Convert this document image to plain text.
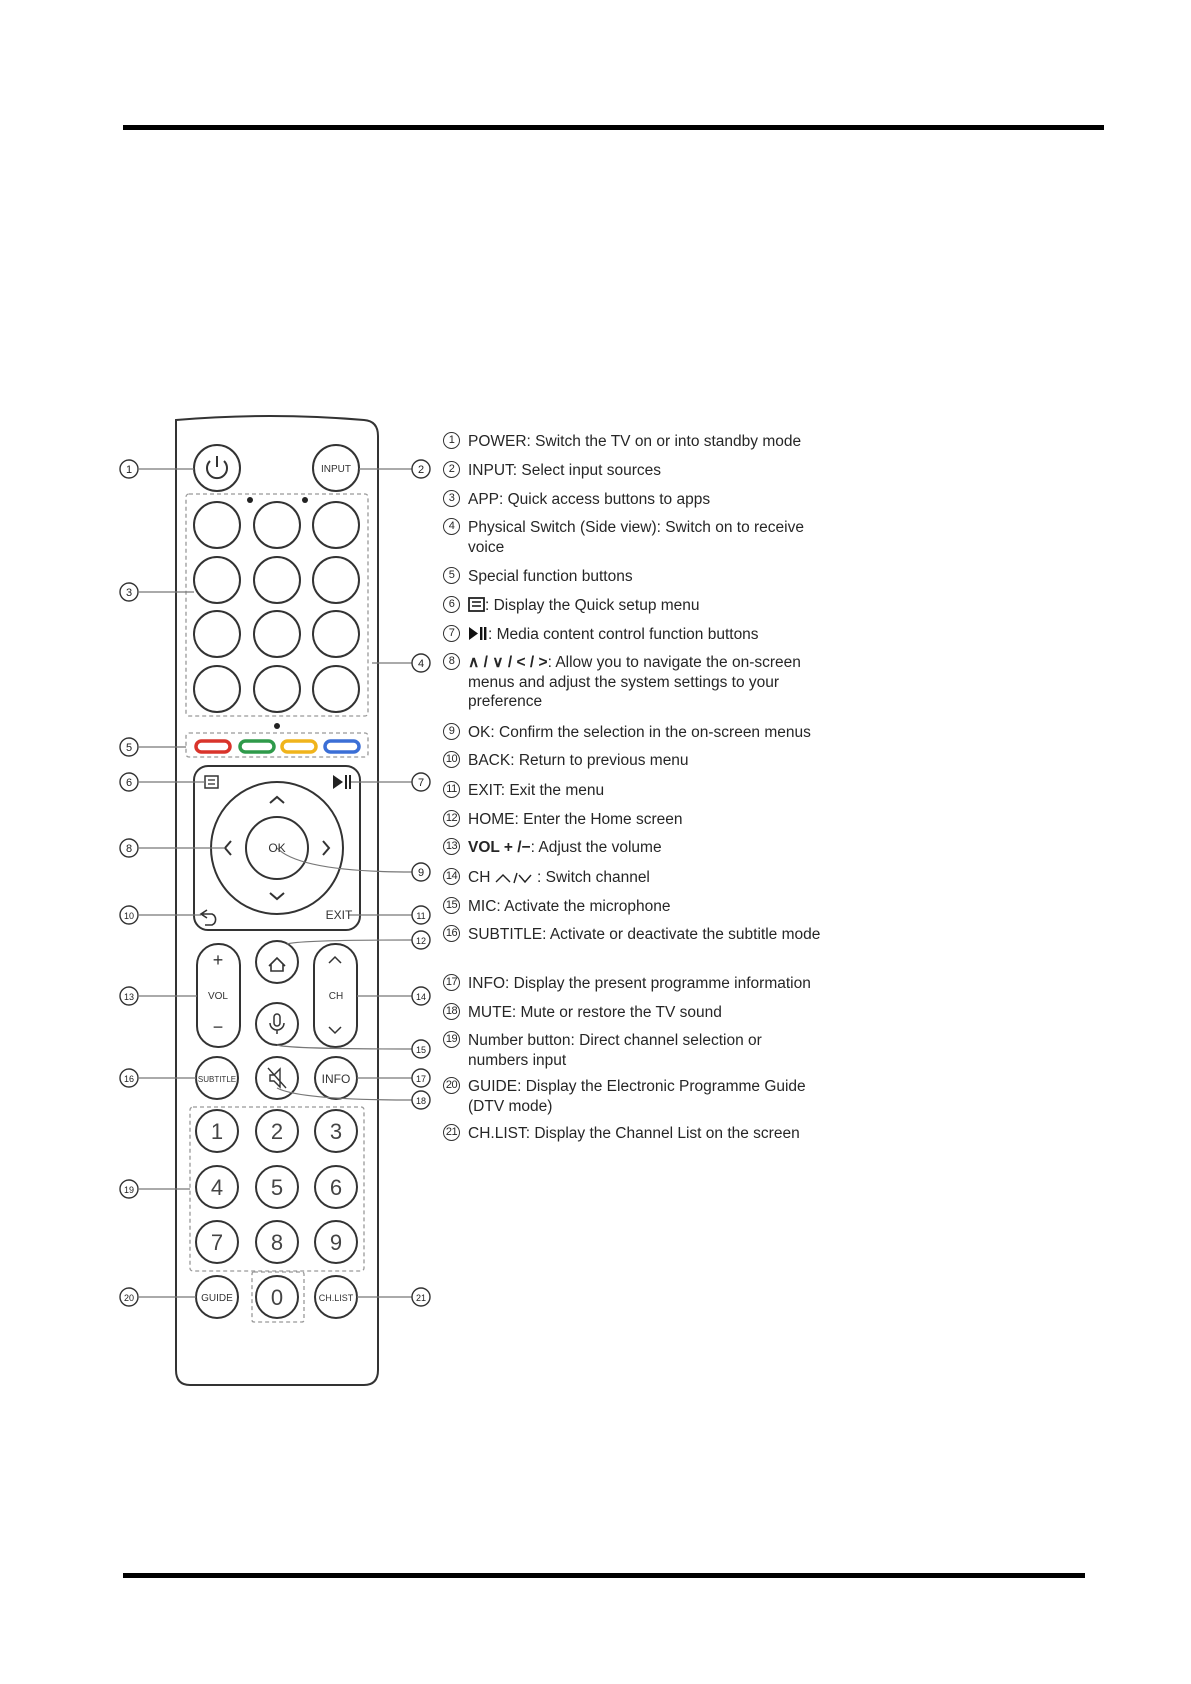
INPUT
OK
EXIT
+
VOL
−
CH
SUBTITLE	INFO
GUIDE	CH.LIST
1 2 3
4 5 6
7 8 9
0
1	2
3
4
5
6	7
8
9
10	11
12
13	14
15
16	17
18
19
20	21
1 POWER: Switch the TV on or into standby mode
2 INPUT: Select input sources
3 APP: Quick access buttons to apps
4 Physical Switch (Side view): Switch on to receive voice
5 Special function buttons
6	: Display the Quick setup menu
7	: Media content control function buttons
8 ∧ / ∨ / < / >: Allow you to navigate the on-screen menus and adjust the system settings to your preference
9 OK: Confirm the selection in the on-screen menus
10 BACK: Return to previous menu
11 EXIT: Exit the menu
12 HOME: Enter the Home screen
13 VOL + /−: Adjust the volume
14 CH  : Switch channel
15 MIC: Activate the microphone
16 SUBTITLE: Activate or deactivate the subtitle mode
17 INFO: Display the present programme information
18 MUTE: Mute or restore the TV sound
19 Number button: Direct channel selection or numbers input
20 GUIDE: Display the Electronic Programme Guide (DTV mode)
21 CH.LIST: Display the Channel List on the screen
